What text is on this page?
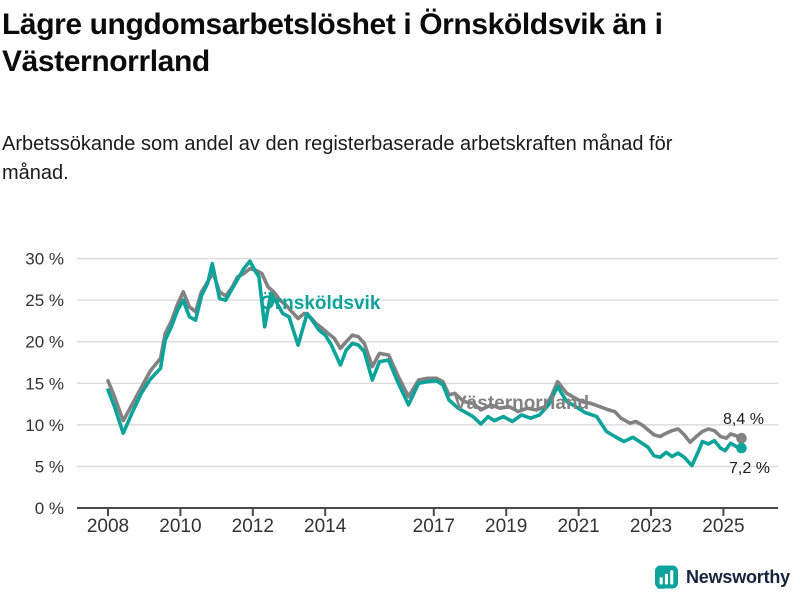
Lägre ungdomsarbetslöshet i Örnsköldsvik än i Västernorrland

Arbetssökande som andel av den registerbaserade arbetskraften månad för månad.

0 %
5 %
10 %
15 %
20 %
25 %
30 %
2008 2010 2012 2014	2017 2019 2021 2023 2025
Västernorrland
8,4 %
Örnsköldsvik
7,2 %
Newsworthy
